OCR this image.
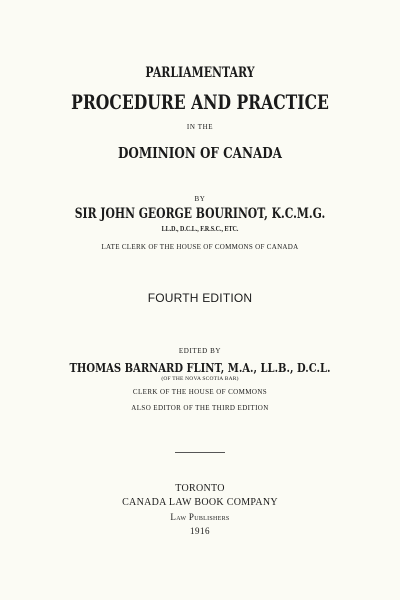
PARLIAMENTARY
PROCEDURE AND PRACTICE
IN THE
DOMINION OF CANADA
BY
SIR JOHN GEORGE BOURINOT, K.C.M.G.
LL.D., D.C.L., F.R.S.C., ETC.
LATE CLERK OF THE HOUSE OF COMMONS OF CANADA
FOURTH EDITION
EDITED BY
THOMAS BARNARD FLINT, M.A., LL.B., D.C.L.
(OF THE NOVA SCOTIA BAR)
CLERK OF THE HOUSE OF COMMONS
ALSO EDITOR OF THE THIRD EDITION
TORONTO
CANADA LAW BOOK COMPANY
Law Publishers
1916
